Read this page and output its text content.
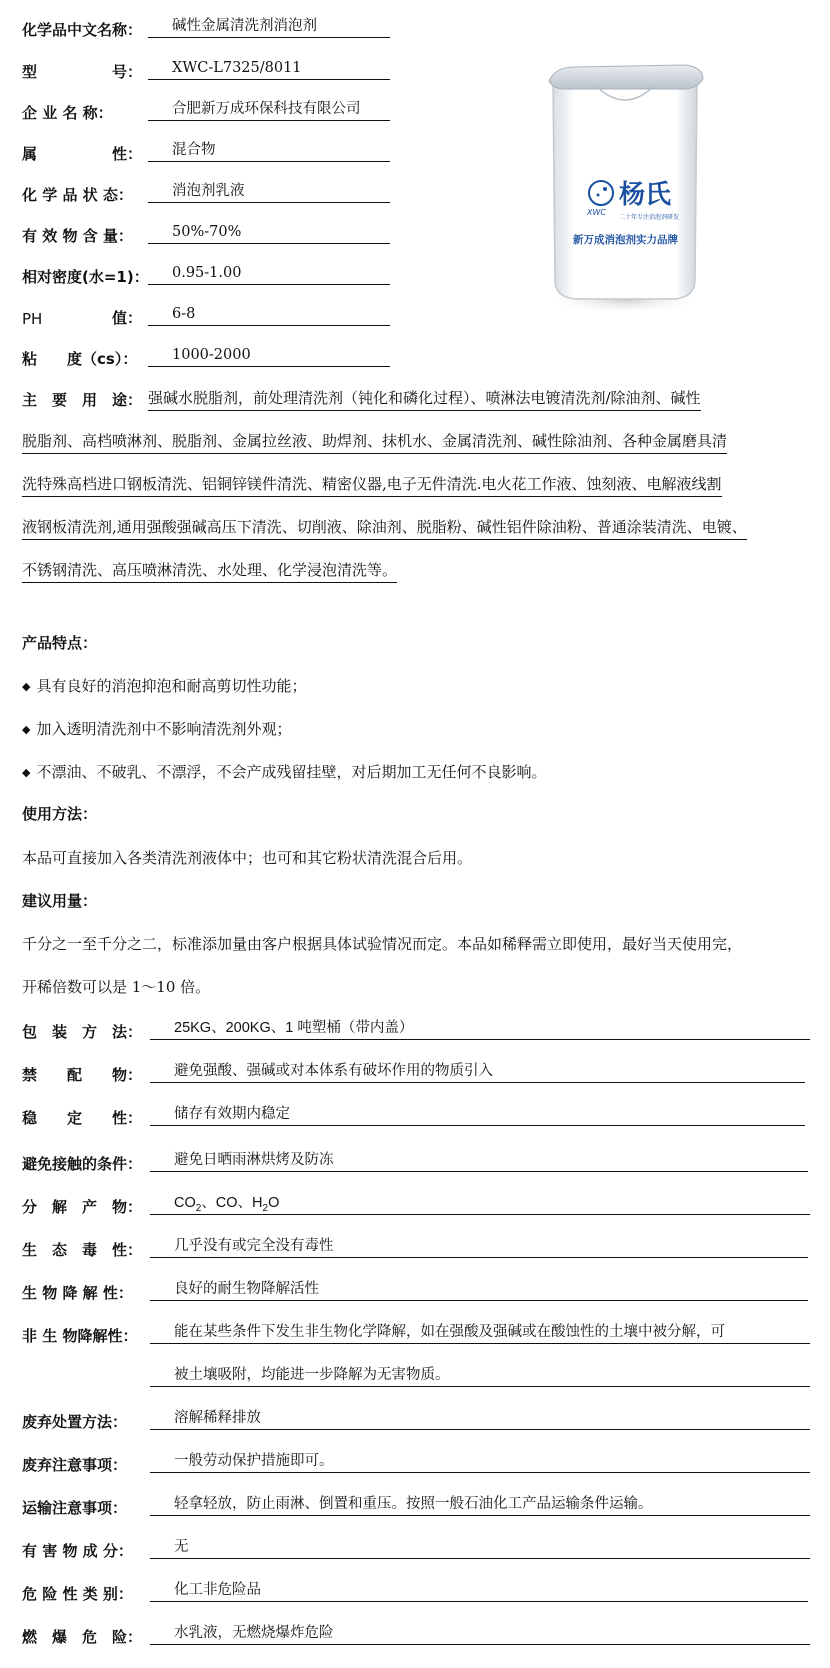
化学品中文名称：	碱性金属清洗剂消泡剂
型	号：	XWC-L7325/8011
企 业 名 称：	合肥新万成环保科技有限公司
属	性：	混合物
化 学 品 状 态：	消泡剂乳液
有 效 物 含 量：	50%-70%
相对密度(水=1)：	0.95-1.00
PH	值：	6-8
粘　　度（cs）：	1000-2000
XWC
杨氏
二十年专注消泡剂研发
新万成消泡剂实力品牌
主　要　用　途： 强碱水脱脂剂，前处理清洗剂（钝化和磷化过程）、喷淋法电镀清洗剂/除油剂、碱性
脱脂剂、高档喷淋剂、脱脂剂、金属拉丝液、助焊剂、抹机水、金属清洗剂、碱性除油剂、各种金属磨具清
洗特殊高档进口钢板清洗、铝铜锌镁件清洗、精密仪器,电子无件清洗.电火花工作液、蚀刻液、电解液线割
液钢板清洗剂,通用强酸强碱高压下清洗、切削液、除油剂、脱脂粉、碱性铝件除油粉、普通涂装清洗、电镀、
不锈钢清洗、高压喷淋清洗、水处理、化学浸泡清洗等。
产品特点：
◆ 具有良好的消泡抑泡和耐高剪切性功能；
◆ 加入透明清洗剂中不影响清洗剂外观；
◆ 不漂油、不破乳、不漂浮，不会产成残留挂壁，对后期加工无任何不良影响。
使用方法：
本品可直接加入各类清洗剂液体中；也可和其它粉状清洗混合后用。
建议用量：
千分之一至千分之二，标准添加量由客户根据具体试验情况而定。本品如稀释需立即使用，最好当天使用完，
开稀倍数可以是 1～10 倍。
包　装　方　法：	25KG、200KG、1 吨塑桶（带内盖）
禁　　配　　物：	避免强酸、强碱或对本体系有破坏作用的物质引入
稳　　定　　性：	储存有效期内稳定
避免接触的条件：	避免日晒雨淋烘烤及防冻
分　解　产　物：	$CO_2$、CO、$H_2O$
生　态　毒　性：	几乎没有或完全没有毒性
生 物 降 解 性：	良好的耐生物降解活性
非 生 物降解性：	能在某些条件下发生非生物化学降解，如在强酸及强碱或在酸蚀性的土壤中被分解，可
被土壤吸附，均能进一步降解为无害物质。
废弃处置方法：	溶解稀释排放
废弃注意事项：	一般劳动保护措施即可。
运输注意事项：	轻拿轻放，防止雨淋、倒置和重压。按照一般石油化工产品运输条件运输。
有 害 物 成 分：	无
危 险 性 类 别：	化工非危险品
燃　爆　危　险：	水乳液，无燃烧爆炸危险
